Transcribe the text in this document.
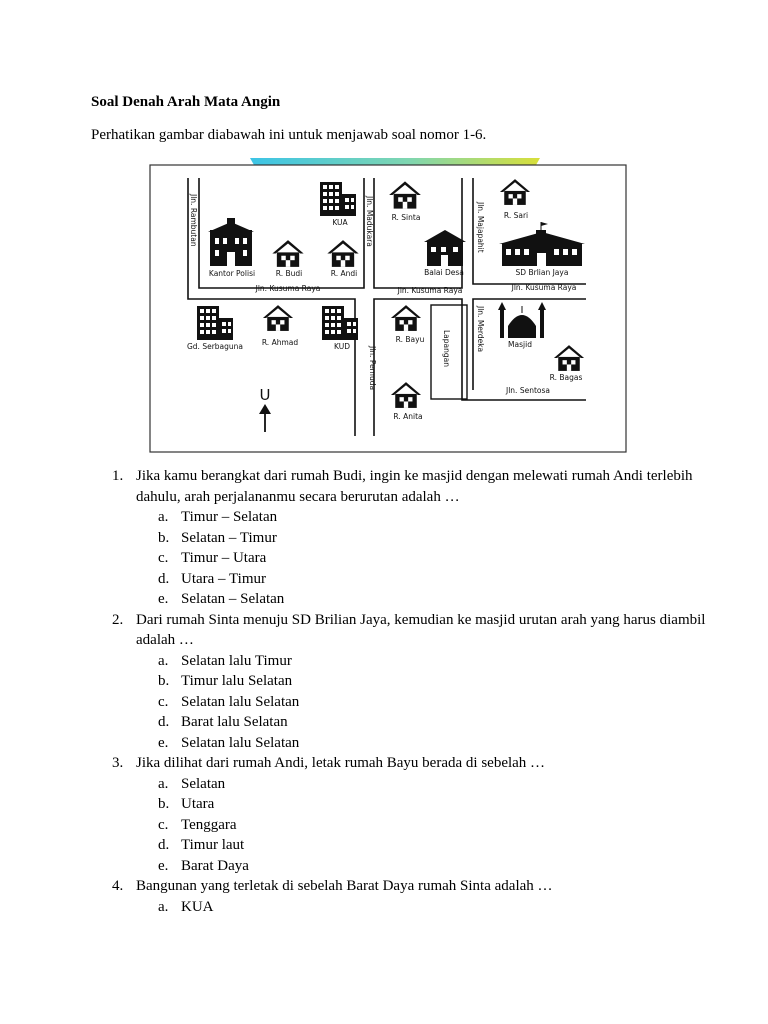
Soal Denah Arah Mata Angin

Perhatikan gambar diabawah ini untuk menjawab soal nomor 1-6.

KUA
R. Sinta	R. Sari
Kantor Polisi	R. Budi	R. Andi	Balai Desa	SD Brlian Jaya
Jln. Kusuma Raya	Jln. Kusuma Raya	Jln. Kusuma Raya
Gd. Serbaguna	R. Ahmad	KUD
R. Bayu
Masjid
R. Bagas
Jln. Sentosa
R. Anita
U
Jln. Rambutan	Jln. Madukara	Jln. Majapahit
Lapangan	Jln. Merdeka
Jln. Pemuda
1. Jika kamu berangkat dari rumah Budi, ingin ke masjid dengan melewati rumah Andi terlebih dahulu, arah perjalananmu secara berurutan adalah …
a. Timur – Selatan
b. Selatan – Timur
c. Timur – Utara
d. Utara – Timur
e. Selatan – Selatan
2. Dari rumah Sinta menuju SD Brilian Jaya, kemudian ke masjid urutan arah yang harus diambil adalah …
a. Selatan lalu Timur
b. Timur lalu Selatan
c. Selatan lalu Selatan
d. Barat lalu Selatan
e. Selatan lalu Selatan
3. Jika dilihat dari rumah Andi, letak rumah Bayu berada di sebelah …
a. Selatan
b. Utara
c. Tenggara
d. Timur laut
e. Barat Daya
4. Bangunan yang terletak di sebelah Barat Daya rumah Sinta adalah …
a. KUA
